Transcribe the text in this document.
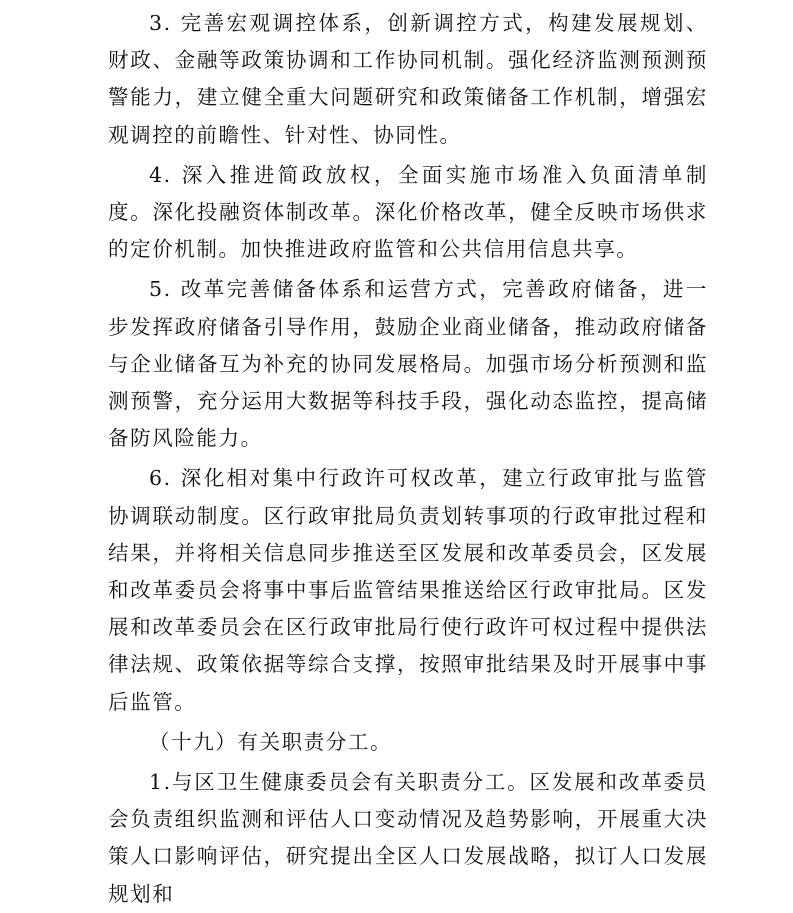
3. 完善宏观调控体系，创新调控方式，构建发展规划、财政、金融等政策协调和工作协同机制。强化经济监测预测预警能力，建立健全重大问题研究和政策储备工作机制，增强宏观调控的前瞻性、针对性、协同性。

4. 深入推进简政放权，全面实施市场准入负面清单制度。深化投融资体制改革。深化价格改革，健全反映市场供求的定价机制。加快推进政府监管和公共信用信息共享。

5. 改革完善储备体系和运营方式，完善政府储备，进一步发挥政府储备引导作用，鼓励企业商业储备，推动政府储备与企业储备互为补充的协同发展格局。加强市场分析预测和监测预警，充分运用大数据等科技手段，强化动态监控，提高储备防风险能力。

6. 深化相对集中行政许可权改革，建立行政审批与监管协调联动制度。区行政审批局负责划转事项的行政审批过程和结果，并将相关信息同步推送至区发展和改革委员会，区发展和改革委员会将事中事后监管结果推送给区行政审批局。区发展和改革委员会在区行政审批局行使行政许可权过程中提供法律法规、政策依据等综合支撑，按照审批结果及时开展事中事后监管。

（十九）有关职责分工。

1.与区卫生健康委员会有关职责分工。区发展和改革委员会负责组织监测和评估人口变动情况及趋势影响，开展重大决策人口影响评估，研究提出全区人口发展战略，拟订人口发展规划和
